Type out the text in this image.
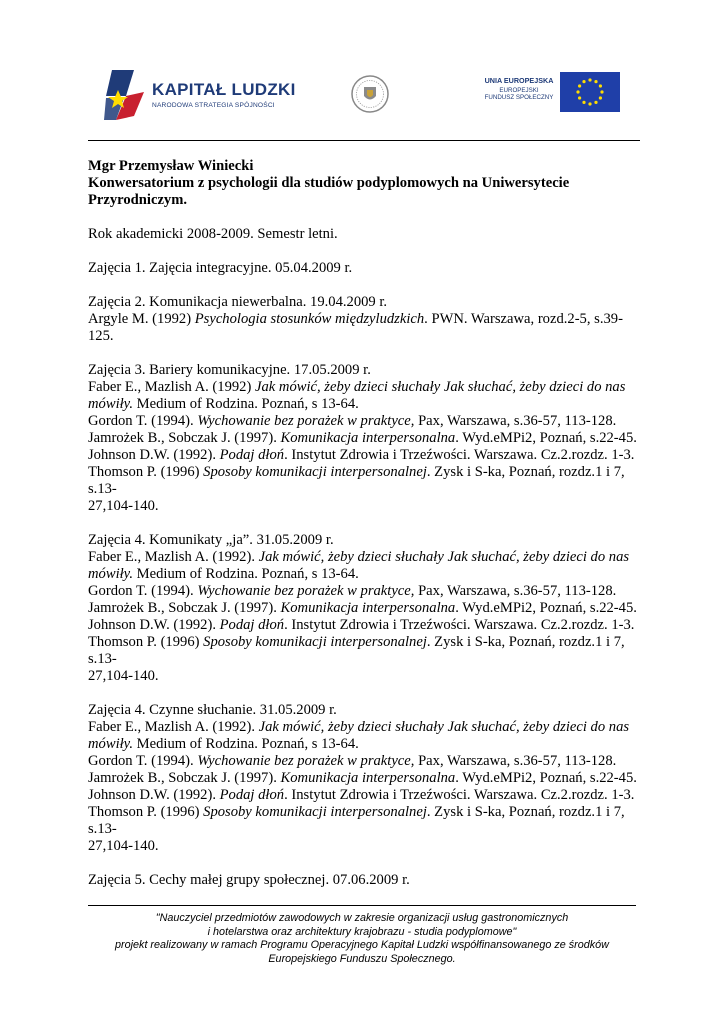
KAPITAŁ LUDZKI
NARODOWA STRATEGIA SPÓJNOŚCI
UNIA EUROPEJSKA
EUROPEJSKI
FUNDUSZ SPOŁECZNY

Mgr Przemysław Winiecki

Konwersatorium z psychologii dla studiów podyplomowych na Uniwersytecie Przyrodniczym.

Rok akademicki 2008-2009. Semestr letni.

Zajęcia 1. Zajęcia integracyjne. 05.04.2009 r.

Zajęcia 2. Komunikacja niewerbalna. 19.04.2009 r.

Argyle M. (1992) Psychologia stosunków międzyludzkich. PWN. Warszawa, rozd.2-5, s.39-125.

Zajęcia 3. Bariery komunikacyjne. 17.05.2009 r.

Faber E., Mazlish A. (1992) Jak mówić, żeby dzieci słuchały Jak słuchać, żeby dzieci do nas mówiły. Medium of Rodzina. Poznań, s 13-64.

Gordon T. (1994). Wychowanie bez porażek w praktyce, Pax, Warszawa, s.36-57, 113-128.

Jamrożek B., Sobczak J. (1997). Komunikacja interpersonalna. Wyd.eMPi2, Poznań, s.22-45.

Johnson D.W. (1992). Podaj dłoń. Instytut Zdrowia i Trzeźwości. Warszawa. Cz.2.rozdz. 1-3.

Thomson P. (1996) Sposoby komunikacji interpersonalnej. Zysk i S-ka, Poznań, rozdz.1 i 7,

s.13-

27,104-140.

Zajęcia 4. Komunikaty „ja”. 31.05.2009 r.

Faber E., Mazlish A. (1992). Jak mówić, żeby dzieci słuchały Jak słuchać, żeby dzieci do nas mówiły. Medium of Rodzina. Poznań, s 13-64.

Gordon T. (1994). Wychowanie bez porażek w praktyce, Pax, Warszawa, s.36-57, 113-128.

Jamrożek B., Sobczak J. (1997). Komunikacja interpersonalna. Wyd.eMPi2, Poznań, s.22-45.

Johnson D.W. (1992). Podaj dłoń. Instytut Zdrowia i Trzeźwości. Warszawa. Cz.2.rozdz. 1-3.

Thomson P. (1996) Sposoby komunikacji interpersonalnej. Zysk i S-ka, Poznań, rozdz.1 i 7,

s.13-

27,104-140.

Zajęcia 4. Czynne słuchanie. 31.05.2009 r.

Faber E., Mazlish A. (1992). Jak mówić, żeby dzieci słuchały Jak słuchać, żeby dzieci do nas mówiły. Medium of Rodzina. Poznań, s 13-64.

Gordon T. (1994). Wychowanie bez porażek w praktyce, Pax, Warszawa, s.36-57, 113-128.

Jamrożek B., Sobczak J. (1997). Komunikacja interpersonalna. Wyd.eMPi2, Poznań, s.22-45.

Johnson D.W. (1992). Podaj dłoń. Instytut Zdrowia i Trzeźwości. Warszawa. Cz.2.rozdz. 1-3.

Thomson P. (1996) Sposoby komunikacji interpersonalnej. Zysk i S-ka, Poznań, rozdz.1 i 7,

s.13-

27,104-140.

Zajęcia 5. Cechy małej grupy społecznej. 07.06.2009 r.

"Nauczyciel przedmiotów zawodowych w zakresie organizacji usług gastronomicznych

i hotelarstwa oraz architektury krajobrazu - studia podyplomowe"

projekt realizowany w ramach Programu Operacyjnego Kapitał Ludzki współfinansowanego ze środków

Europejskiego Funduszu Społecznego.
